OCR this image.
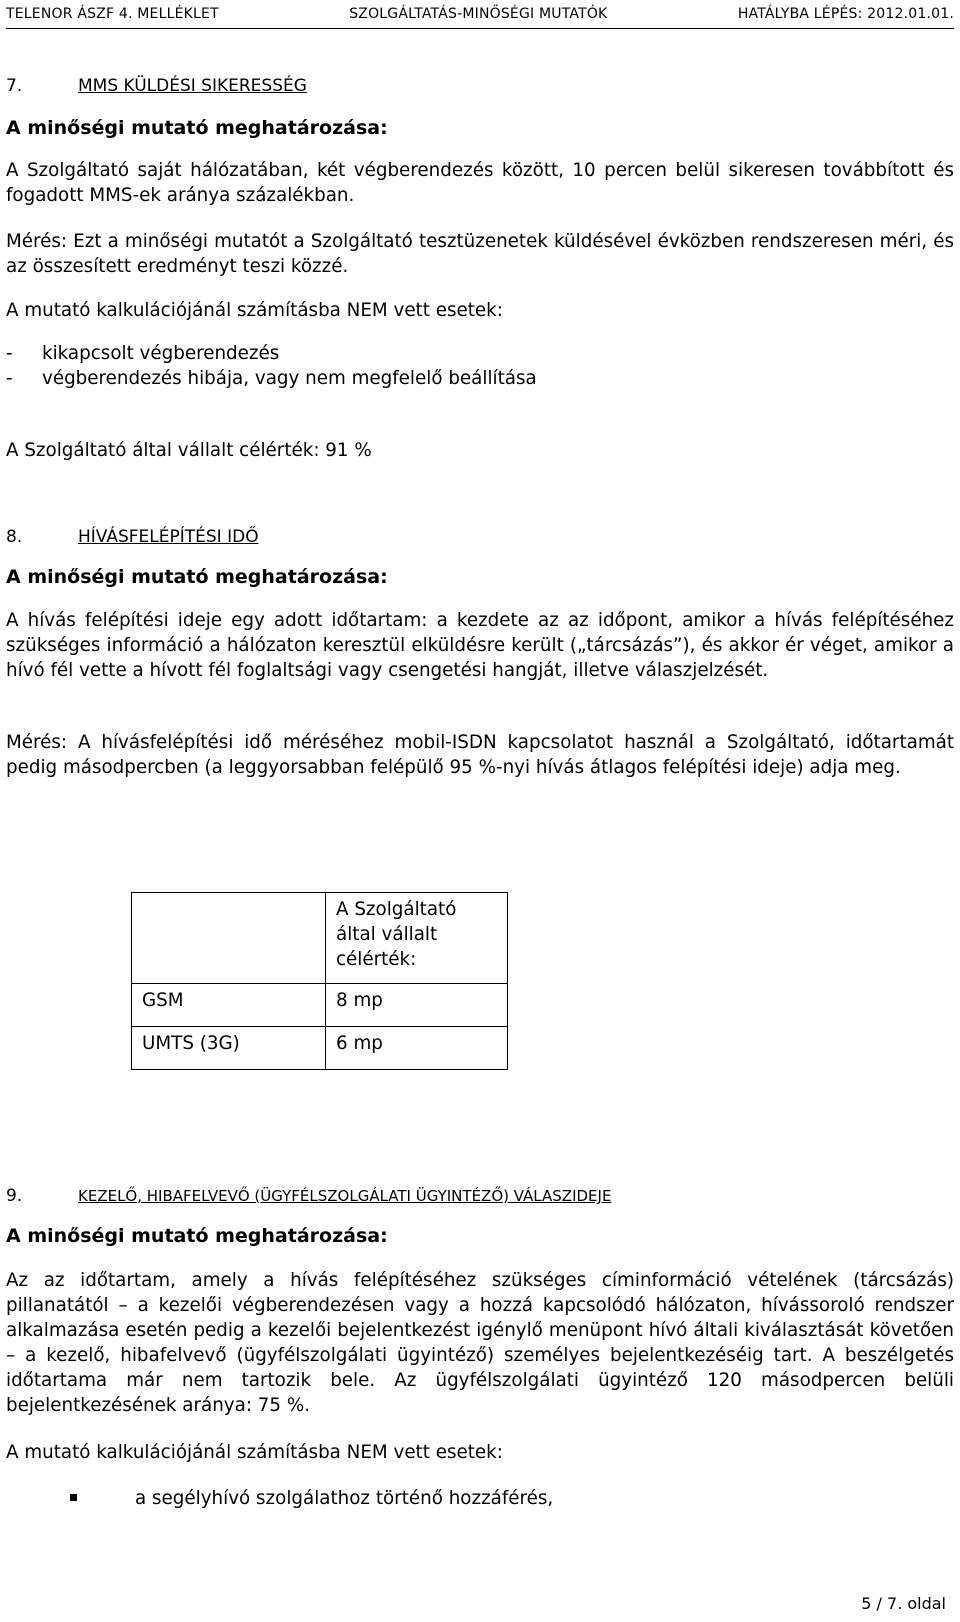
TELENOR ÁSZF 4. MELLÉKLET	SZOLGÁLTATÁS-MINŐSÉGI MUTATÓK	HATÁLYBA LÉPÉS: 2012.01.01.
7.	MMS KÜLDÉSI SIKERESSÉG
A minőségi mutató meghatározása:

A Szolgáltató saját hálózatában, két végberendezés között, 10 percen belül sikeresen továbbított és fogadott MMS-ek aránya százalékban.

Mérés: Ezt a minőségi mutatót a Szolgáltató tesztüzenetek küldésével évközben rendszeresen méri, és az összesített eredményt teszi közzé.

A mutató kalkulációjánál számításba NEM vett esetek:

- kikapcsolt végberendezés
- végberendezés hibája, vagy nem megfelelő beállítása

A Szolgáltató által vállalt célérték: 91 %

8.	HÍVÁSFELÉPÍTÉSI IDŐ
A minőségi mutató meghatározása:

A hívás felépítési ideje egy adott időtartam: a kezdete az az időpont, amikor a hívás felépítéséhez szükséges információ a hálózaton keresztül elküldésre került („tárcsázás”), és akkor ér véget, amikor a hívó fél vette a hívott fél foglaltsági vagy csengetési hangját, illetve válaszjelzését.

Mérés: A hívásfelépítési idő méréséhez mobil-ISDN kapcsolatot használ a Szolgáltató, időtartamát pedig másodpercben (a leggyorsabban felépülő 95 %-nyi hívás átlagos felépítési ideje) adja meg.

	A Szolgáltató által vállalt célérték:
GSM	8 mp
UMTS (3G)	6 mp
9.	KEZELŐ, HIBAFELVEVŐ (ÜGYFÉLSZOLGÁLATI ÜGYINTÉZŐ) VÁLASZIDEJE
A minőségi mutató meghatározása:

Az az időtartam, amely a hívás felépítéséhez szükséges címinformáció vételének (tárcsázás) pillanatától – a kezelői végberendezésen vagy a hozzá kapcsolódó hálózaton, hívássoroló rendszer alkalmazása esetén pedig a kezelői bejelentkezést igénylő menüpont hívó általi kiválasztását követően – a kezelő, hibafelvevő (ügyfélszolgálati ügyintéző) személyes bejelentkezéséig tart. A beszélgetés időtartama már nem tartozik bele. Az ügyfélszolgálati ügyintéző 120 másodpercen belüli bejelentkezésének aránya: 75 %.

A mutató kalkulációjánál számításba NEM vett esetek:

a segélyhívó szolgálathoz történő hozzáférés,
5 / 7. oldal
